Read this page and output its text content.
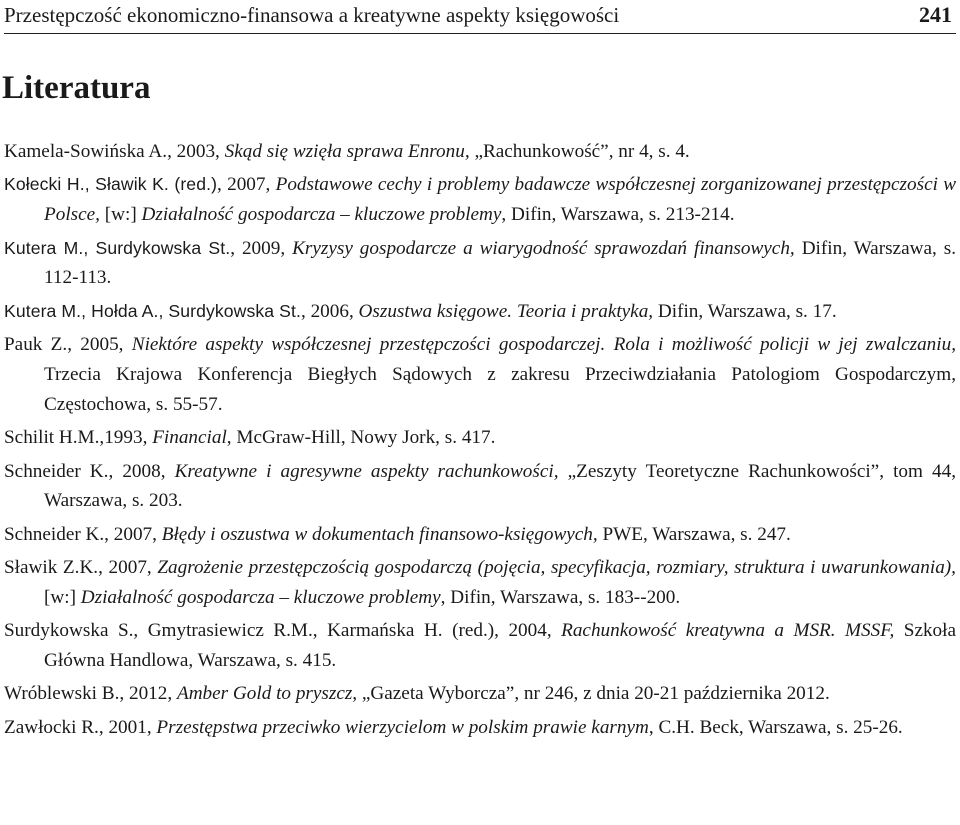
Przestępczość ekonomiczno-finansowa a kreatywne aspekty księgowości	241
Literatura
Kamela-Sowińska A., 2003, Skąd się wzięła sprawa Enronu, „Rachunkowość”, nr 4, s. 4.
Kołecki H., Sławik K. (red.), 2007, Podstawowe cechy i problemy badawcze współczesnej zorganizowanej przestępczości w Polsce, [w:] Działalność gospodarcza – kluczowe problemy, Difin, Warszawa, s. 213-214.
Kutera M., Surdykowska St., 2009, Kryzysy gospodarcze a wiarygodność sprawozdań finansowych, Difin, Warszawa, s. 112-113.
Kutera M., Hołda A., Surdykowska St., 2006, Oszustwa księgowe. Teoria i praktyka, Difin, Warszawa, s. 17.
Pauk Z., 2005, Niektóre aspekty współczesnej przestępczości gospodarczej. Rola i możliwość policji w jej zwalczaniu, Trzecia Krajowa Konferencja Biegłych Sądowych z zakresu Przeciwdziałania Patologiom Gospodarczym, Częstochowa, s. 55-57.
Schilit H.M.,1993, Financial, McGraw-Hill, Nowy Jork, s. 417.
Schneider K., 2008, Kreatywne i agresywne aspekty rachunkowości, „Zeszyty Teoretyczne Rachunkowości”, tom 44, Warszawa, s. 203.
Schneider K., 2007, Błędy i oszustwa w dokumentach finansowo-księgowych, PWE, Warszawa, s. 247.
Sławik Z.K., 2007, Zagrożenie przestępczością gospodarczą (pojęcia, specyfikacja, rozmiary, struktura i uwarunkowania), [w:] Działalność gospodarcza – kluczowe problemy, Difin, Warszawa, s. 183--200.
Surdykowska S., Gmytrasiewicz R.M., Karmańska H. (red.), 2004, Rachunkowość kreatywna a MSR. MSSF, Szkoła Główna Handlowa, Warszawa, s. 415.
Wróblewski B., 2012, Amber Gold to pryszcz, „Gazeta Wyborcza”, nr 246, z dnia 20-21 października 2012.
Zawłocki R., 2001, Przestępstwa przeciwko wierzycielom w polskim prawie karnym, C.H. Beck, Warszawa, s. 25-26.
